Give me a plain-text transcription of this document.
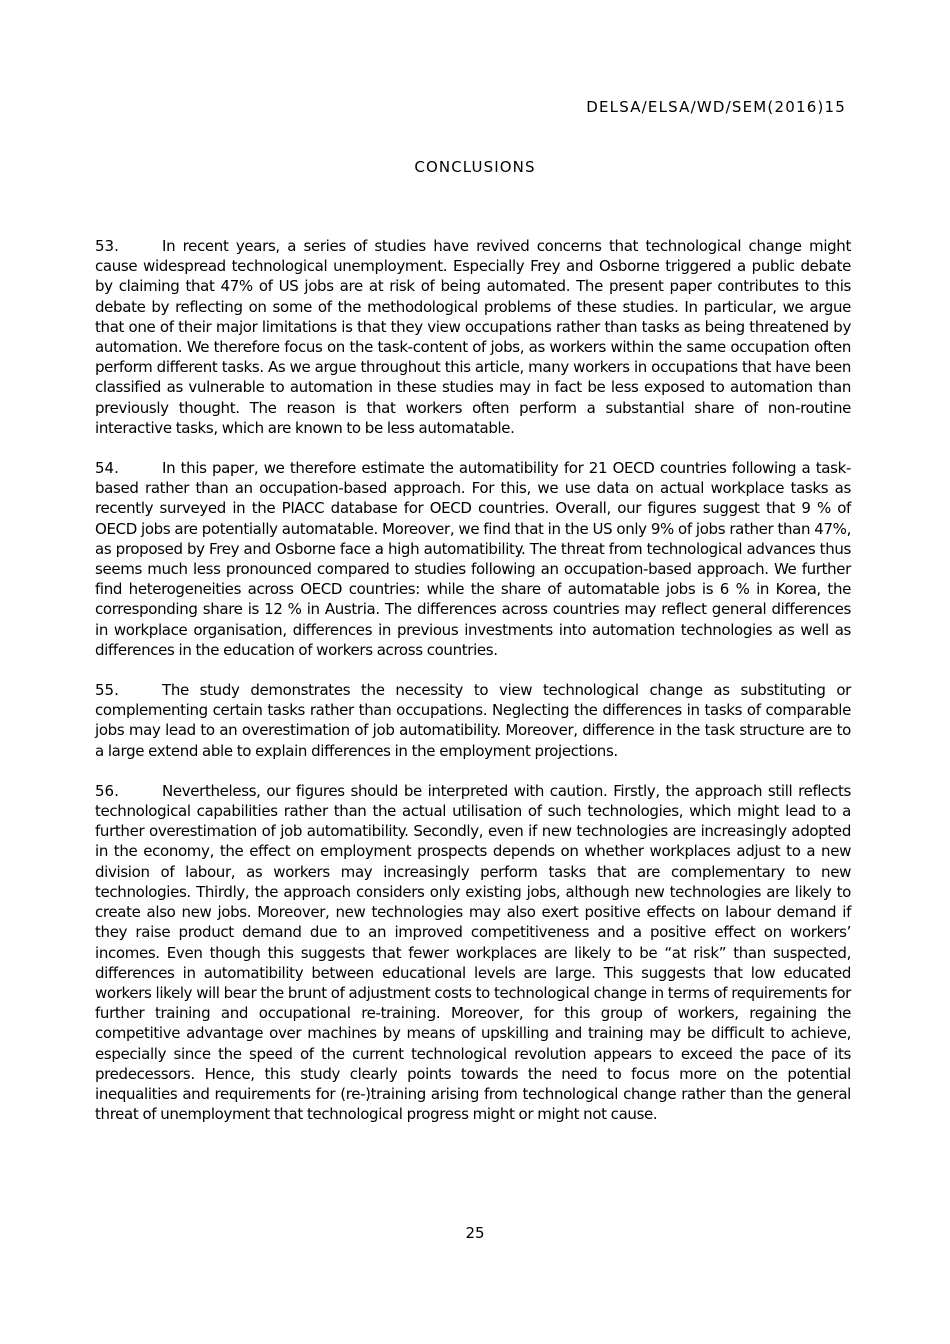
DELSA/ELSA/WD/SEM(2016)15
CONCLUSIONS

53.	In recent years, a series of studies have revived concerns that technological change might cause widespread technological unemployment. Especially Frey and Osborne triggered a public debate by claiming that 47% of US jobs are at risk of being automated. The present paper contributes to this debate by reflecting on some of the methodological problems of these studies. In particular, we argue that one of their major limitations is that they view occupations rather than tasks as being threatened by automation. We therefore focus on the task-content of jobs, as workers within the same occupation often perform different tasks. As we argue throughout this article, many workers in occupations that have been classified as vulnerable to automation in these studies may in fact be less exposed to automation than previously thought. The reason is that workers often perform a substantial share of non-routine interactive tasks, which are known to be less automatable.

54.	In this paper, we therefore estimate the automatibility for 21 OECD countries following a task-based rather than an occupation-based approach. For this, we use data on actual workplace tasks as recently surveyed in the PIACC database for OECD countries. Overall, our figures suggest that 9 % of OECD jobs are potentially automatable. Moreover, we find that in the US only 9% of jobs rather than 47%, as proposed by Frey and Osborne face a high automatibility. The threat from technological advances thus seems much less pronounced compared to studies following an occupation-based approach. We further find heterogeneities across OECD countries: while the share of automatable jobs is 6 % in Korea, the corresponding share is 12 % in Austria. The differences across countries may reflect general differences in workplace organisation, differences in previous investments into automation technologies as well as differences in the education of workers across countries.

55.	The study demonstrates the necessity to view technological change as substituting or complementing certain tasks rather than occupations. Neglecting the differences in tasks of comparable jobs may lead to an overestimation of job automatibility. Moreover, difference in the task structure are to a large extend able to explain differences in the employment projections.

56.	Nevertheless, our figures should be interpreted with caution. Firstly, the approach still reflects technological capabilities rather than the actual utilisation of such technologies, which might lead to a further overestimation of job automatibility. Secondly, even if new technologies are increasingly adopted in the economy, the effect on employment prospects depends on whether workplaces adjust to a new division of labour, as workers may increasingly perform tasks that are complementary to new technologies. Thirdly, the approach considers only existing jobs, although new technologies are likely to create also new jobs. Moreover, new technologies may also exert positive effects on labour demand if they raise product demand due to an improved competitiveness and a positive effect on workers’ incomes. Even though this suggests that fewer workplaces are likely to be “at risk” than suspected, differences in automatibility between educational levels are large. This suggests that low educated workers likely will bear the brunt of adjustment costs to technological change in terms of requirements for further training and occupational re-training. Moreover, for this group of workers, regaining the competitive advantage over machines by means of upskilling and training may be difficult to achieve, especially since the speed of the current technological revolution appears to exceed the pace of its predecessors. Hence, this study clearly points towards the need to focus more on the potential inequalities and requirements for (re-)training arising from technological change rather than the general threat of unemployment that technological progress might or might not cause.

25
